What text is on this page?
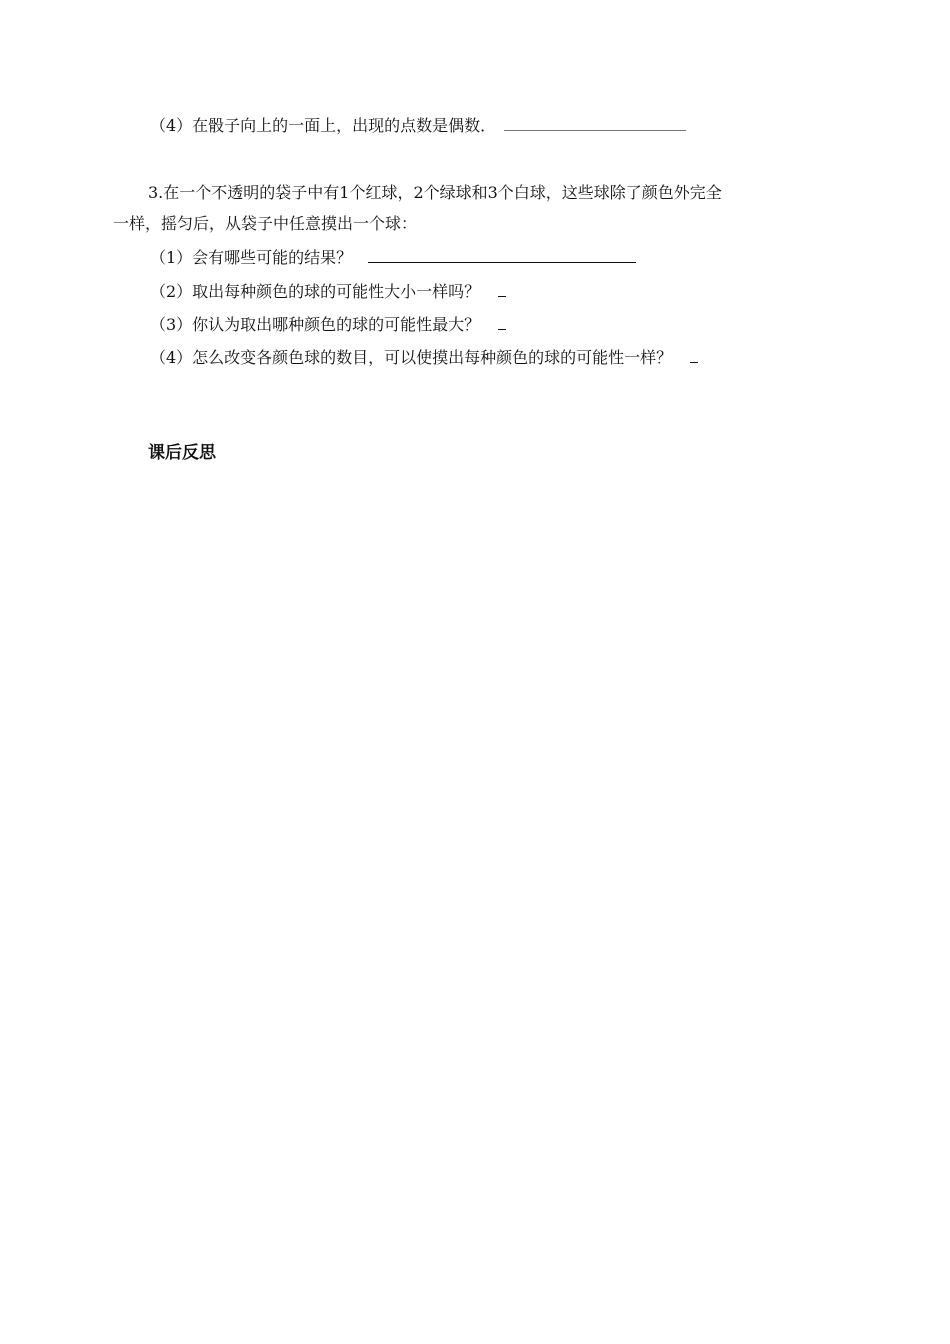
（4）在骰子向上的一面上，出现的点数是偶数．
3.在一个不透明的袋子中有1个红球，2个绿球和3个白球，这些球除了颜色外完全
一样，摇匀后，从袋子中任意摸出一个球：
（1）会有哪些可能的结果？
（2）取出每种颜色的球的可能性大小一样吗？
（3）你认为取出哪种颜色的球的可能性最大？
（4）怎么改变各颜色球的数目，可以使摸出每种颜色的球的可能性一样？
课后反思
